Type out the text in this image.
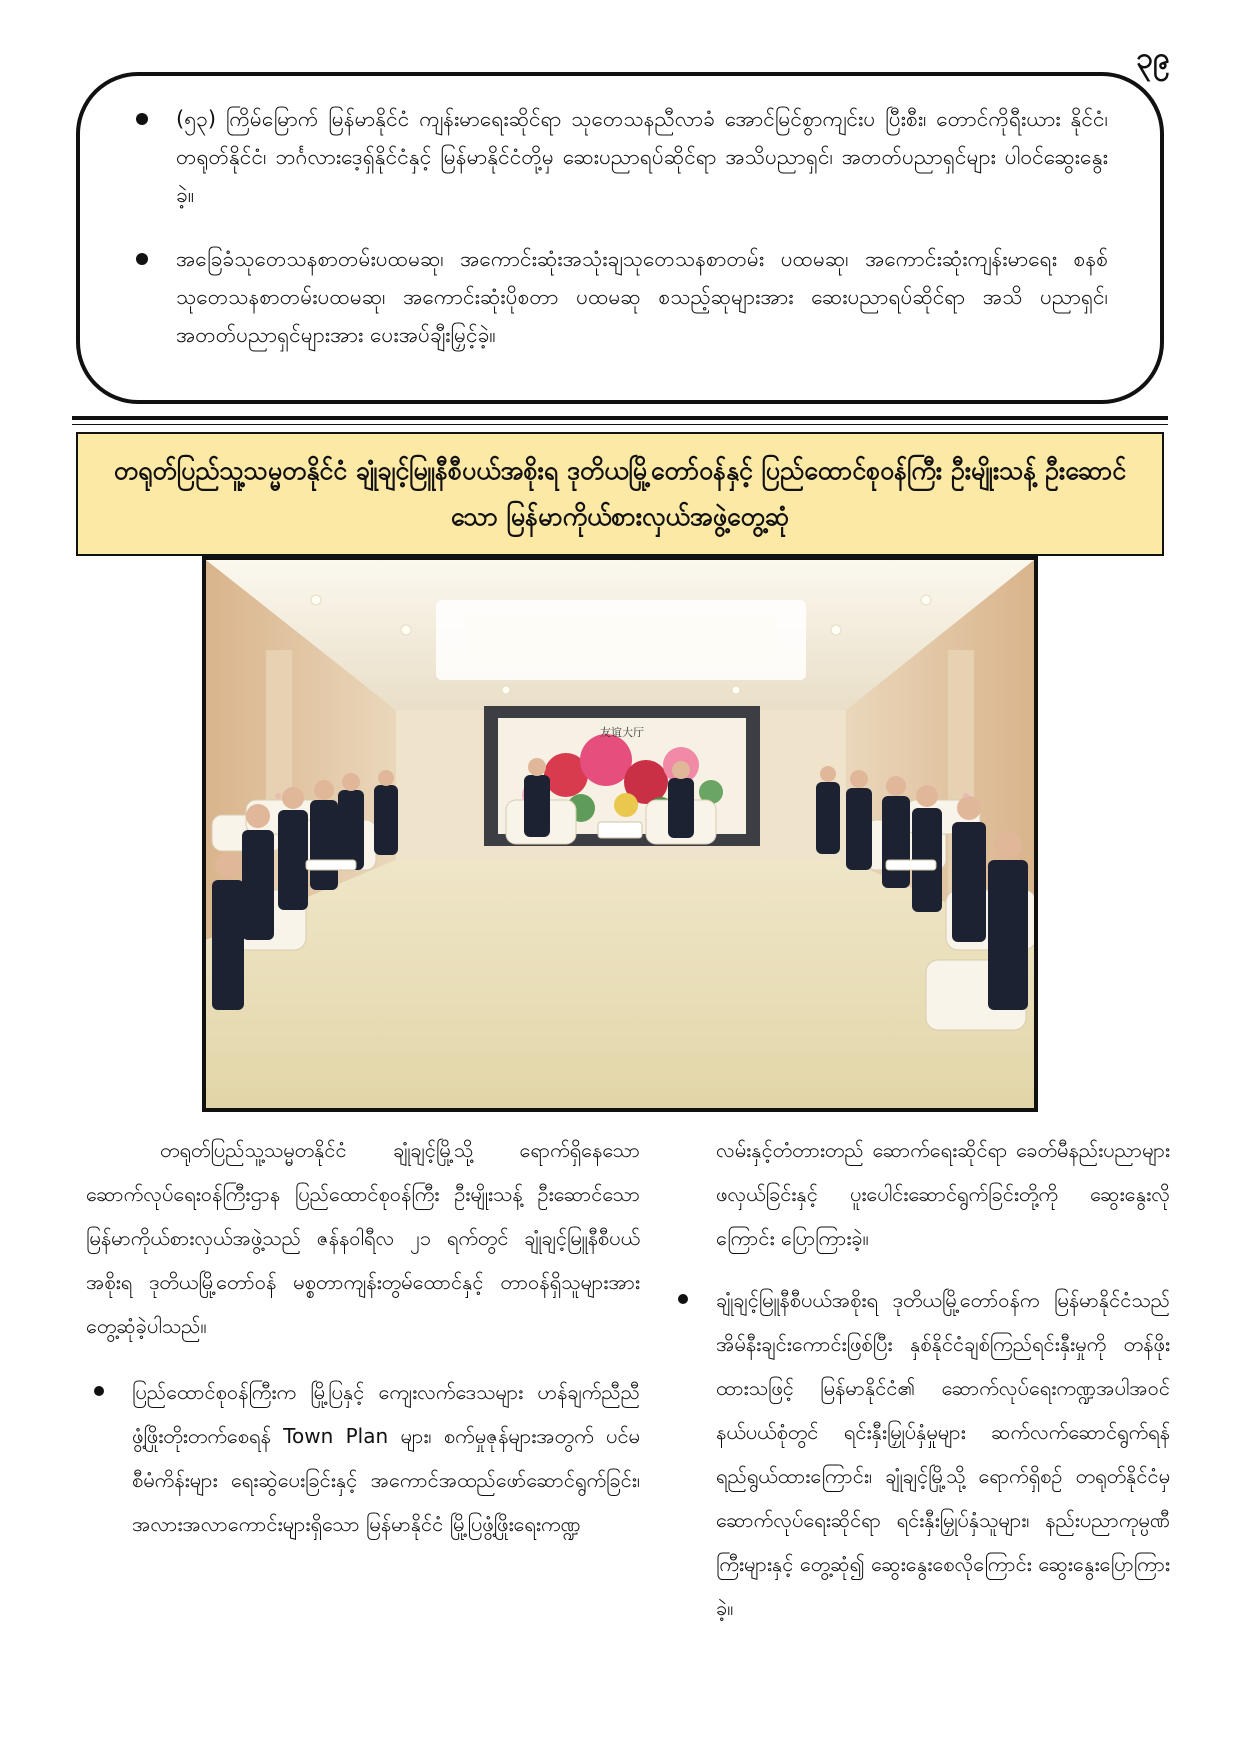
၃၉
(၅၃) ကြိမ်မြောက် မြန်မာနိုင်ငံ ကျန်းမာရေးဆိုင်ရာ သုတေသနညီလာခံ အောင်မြင်စွာကျင်းပ ပြီးစီး၊ တောင်ကိုရီးယား နိုင်ငံ၊ တရုတ်နိုင်ငံ၊ ဘင်္ဂလားဒေ့ရှ်နိုင်ငံနှင့် မြန်မာနိုင်ငံတို့မှ ဆေးပညာရပ်ဆိုင်ရာ အသိပညာရှင်၊ အတတ်ပညာရှင်များ ပါဝင်ဆွေးနွေးခဲ့။
အခြေခံသုတေသနစာတမ်းပထမဆု၊ အကောင်းဆုံးအသုံးချသုတေသနစာတမ်း ပထမဆု၊ အကောင်းဆုံးကျန်းမာရေး စနစ်သုတေသနစာတမ်းပထမဆု၊ အကောင်းဆုံးပိုစတာ ပထမဆု စသည့်ဆုများအား ဆေးပညာရပ်ဆိုင်ရာ အသိ ပညာရှင်၊ အတတ်ပညာရှင်များအား ပေးအပ်ချီးမြှင့်ခဲ့။
တရုတ်ပြည်သူ့သမ္မတနိုင်ငံ ချုံချင့်မြူနီစီပယ်အစိုးရ ဒုတိယမြို့တော်ဝန်နှင့် ပြည်ထောင်စုဝန်ကြီး ဦးမျိုးသန့် ဦးဆောင်သော မြန်မာကိုယ်စားလှယ်အဖွဲ့တွေ့ဆုံ
友谊大厅

တရုတ်ပြည်သူ့သမ္မတနိုင်ငံ ချုံချင့်မြို့သို့ ရောက်ရှိနေသော ဆောက်လုပ်ရေးဝန်ကြီးဌာန ပြည်ထောင်စုဝန်ကြီး ဦးမျိုးသန့် ဦးဆောင်သော မြန်မာကိုယ်စားလှယ်အဖွဲ့သည် ဇန်နဝါရီလ ၂၁ ရက်တွင် ချုံချင့်မြူနီစီပယ်အစိုးရ ဒုတိယမြို့တော်ဝန် မစ္စတာကျန်းတွမ်ထောင်နှင့် တာဝန်ရှိသူများအား တွေ့ဆုံခဲ့ပါသည်။

ပြည်ထောင်စုဝန်ကြီးက မြို့ပြနှင့် ကျေးလက်ဒေသများ ဟန်ချက်ညီညီဖွံ့ဖြိုးတိုးတက်စေရန် Town Plan များ၊ စက်မှုဇုန်များအတွက် ပင်မစီမံကိန်းများ ရေးဆွဲပေးခြင်းနှင့် အကောင်အထည်ဖော်ဆောင်ရွက်ခြင်း၊ အလားအလာကောင်းများရှိသော မြန်မာနိုင်ငံ မြို့ပြဖွံ့ဖြိုးရေးကဏ္ဍ

လမ်းနှင့်တံတားတည် ဆောက်ရေးဆိုင်ရာ ခေတ်မီနည်းပညာများဖလှယ်ခြင်းနှင့် ပူးပေါင်းဆောင်ရွက်ခြင်းတို့ကို ဆွေးနွေးလိုကြောင်း ပြောကြားခဲ့။

ချုံချင့်မြူနီစီပယ်အစိုးရ ဒုတိယမြို့တော်ဝန်က မြန်မာနိုင်ငံသည် အိမ်နီးချင်းကောင်းဖြစ်ပြီး နှစ်နိုင်ငံချစ်ကြည်ရင်းနှီးမှုကို တန်ဖိုးထားသဖြင့် မြန်မာနိုင်ငံ၏ ဆောက်လုပ်ရေးကဏ္ဍအပါအဝင် နယ်ပယ်စုံတွင် ရင်းနှီးမြှုပ်နှံမှုများ ဆက်လက်ဆောင်ရွက်ရန်ရည်ရွယ်ထားကြောင်း၊ ချုံချင့်မြို့သို့ ရောက်ရှိစဉ် တရုတ်နိုင်ငံမှ ဆောက်လုပ်ရေးဆိုင်ရာ ရင်းနှီးမြှုပ်နှံသူများ၊ နည်းပညာကုမ္ပဏီကြီးများနှင့် တွေ့ဆုံ၍ ဆွေးနွေးစေလိုကြောင်း ဆွေးနွေးပြောကြားခဲ့။
